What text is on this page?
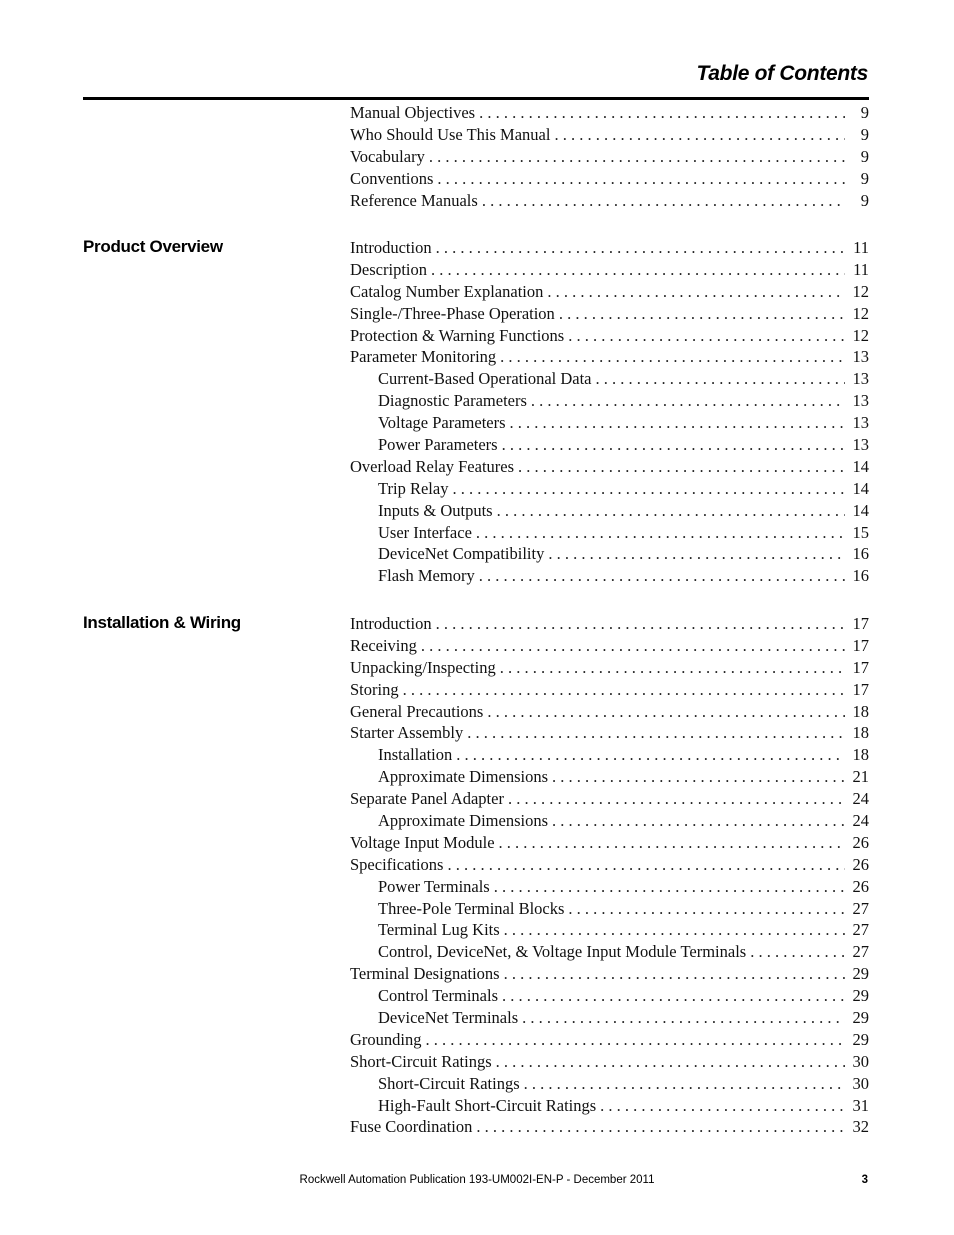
Table of Contents
Manual Objectives . . .	9
Who Should Use This Manual . . .	9
Vocabulary . . .	9
Conventions . . .	9
Reference Manuals . . .	9
Product Overview	Introduction . . .	11
Description . . .	11
Catalog Number Explanation . . .	12
Single-/Three-Phase Operation . . .	12
Protection & Warning Functions . . .	12
Parameter Monitoring . . .	13
Current-Based Operational Data . . .	13
Diagnostic Parameters . . .	13
Voltage Parameters . . .	13
Power Parameters . . .	13
Overload Relay Features . . .	14
Trip Relay . . .	14
Inputs & Outputs . . .	14
User Interface . . .	15
DeviceNet Compatibility . . .	16
Flash Memory . . .	16
Installation & Wiring	Introduction . . .	17
Receiving . . .	17
Unpacking/Inspecting . . .	17
Storing . . .	17
General Precautions . . .	18
Starter Assembly . . .	18
Installation . . .	18
Approximate Dimensions . . .	21
Separate Panel Adapter . . .	24
Approximate Dimensions . . .	24
Voltage Input Module . . .	26
Specifications . . .	26
Power Terminals . . .	26
Three-Pole Terminal Blocks . . .	27
Terminal Lug Kits . . .	27
Control, DeviceNet, & Voltage Input Module Terminals . . .	27
Terminal Designations . . .	29
Control Terminals . . .	29
DeviceNet Terminals . . .	29
Grounding . . .	29
Short-Circuit Ratings . . .	30
Short-Circuit Ratings . . .	30
High-Fault Short-Circuit Ratings . . .	31
Fuse Coordination . . .	32
Rockwell Automation Publication 193-UM002I-EN-P - December 2011	3
